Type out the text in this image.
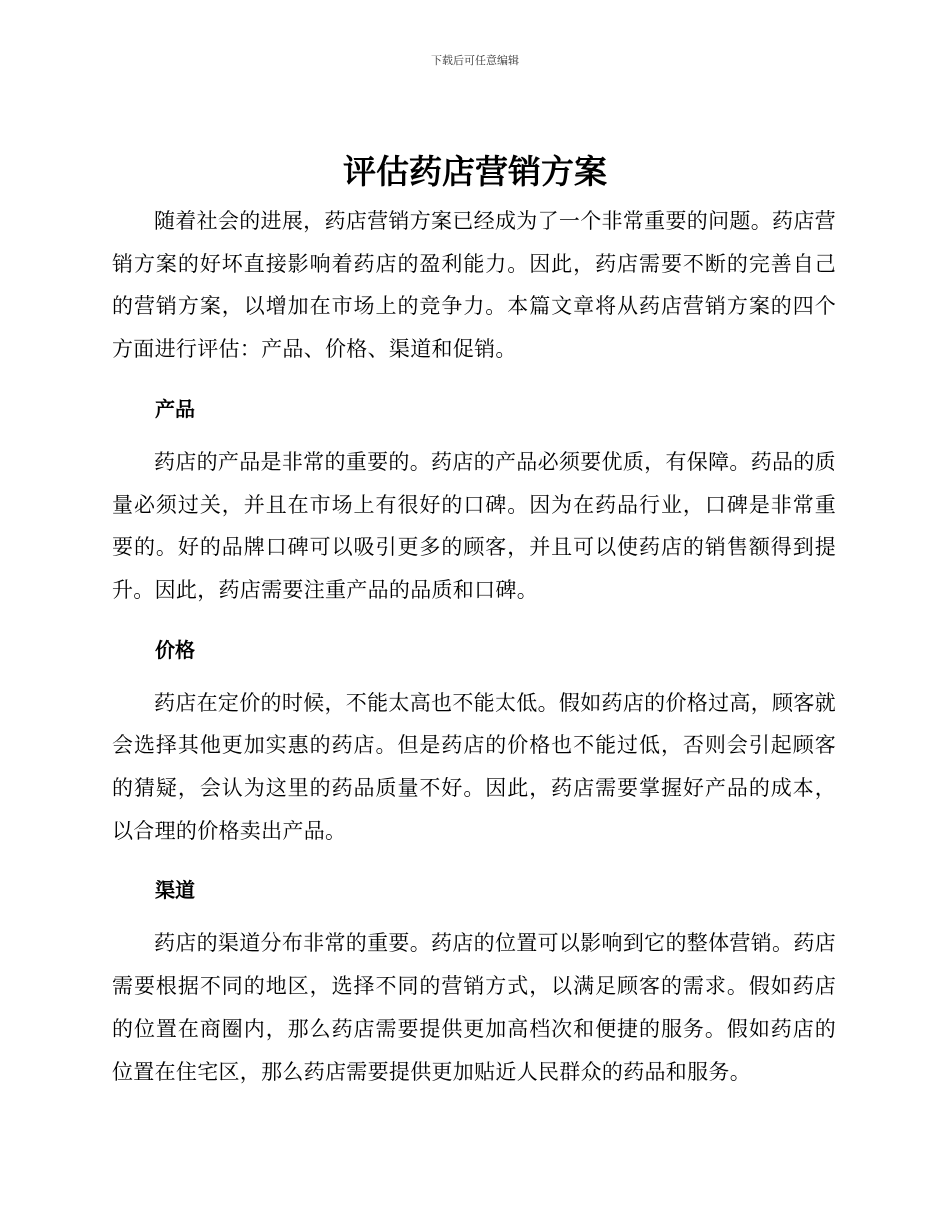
下载后可任意编辑
评估药店营销方案

随着社会的进展，药店营销方案已经成为了一个非常重要的问题。药店营销方案的好坏直接影响着药店的盈利能力。因此，药店需要不断的完善自己的营销方案，以增加在市场上的竞争力。本篇文章将从药店营销方案的四个方面进行评估：产品、价格、渠道和促销。

产品

药店的产品是非常的重要的。药店的产品必须要优质，有保障。药品的质量必须过关，并且在市场上有很好的口碑。因为在药品行业，口碑是非常重要的。好的品牌口碑可以吸引更多的顾客，并且可以使药店的销售额得到提升。因此，药店需要注重产品的品质和口碑。

价格

药店在定价的时候，不能太高也不能太低。假如药店的价格过高，顾客就会选择其他更加实惠的药店。但是药店的价格也不能过低，否则会引起顾客的猜疑，会认为这里的药品质量不好。因此，药店需要掌握好产品的成本，以合理的价格卖出产品。

渠道

药店的渠道分布非常的重要。药店的位置可以影响到它的整体营销。药店需要根据不同的地区，选择不同的营销方式，以满足顾客的需求。假如药店的位置在商圈内，那么药店需要提供更加高档次和便捷的服务。假如药店的位置在住宅区，那么药店需要提供更加贴近人民群众的药品和服务。
